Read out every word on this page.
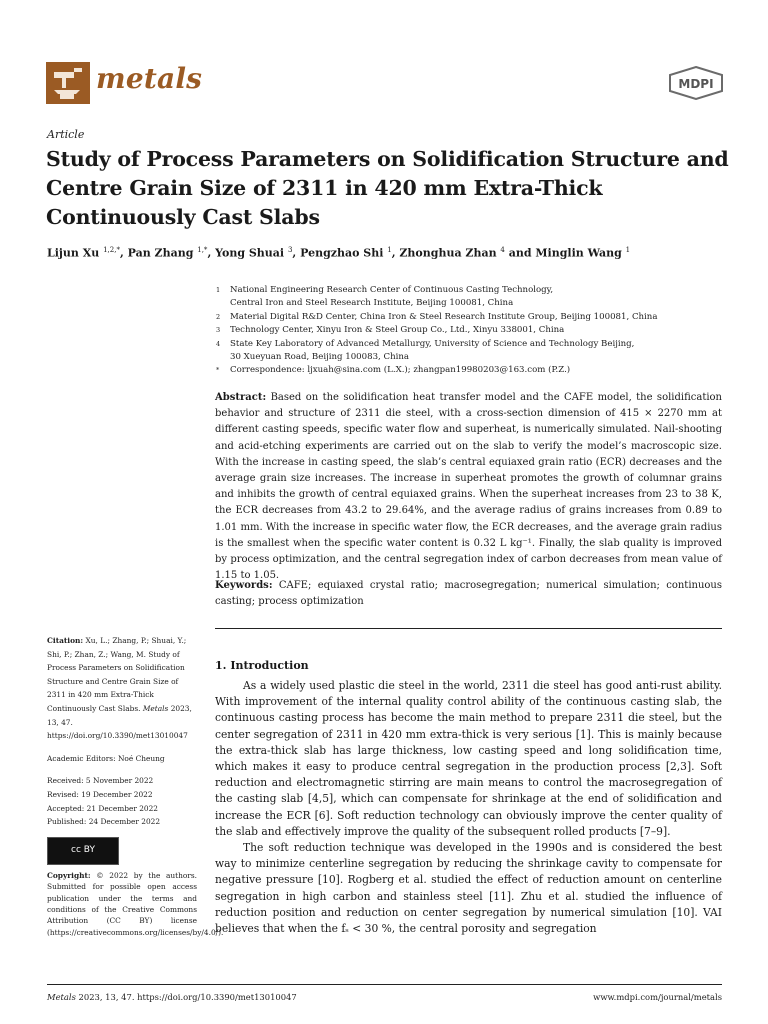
metals	MDPI
Article
Study of Process Parameters on Solidification Structure and Centre Grain Size of 2311 in 420 mm Extra-Thick Continuously Cast Slabs
Lijun Xu $^{1,2,*}$, Pan Zhang $^{1,*}$, Yong Shuai $^3$, Pengzhao Shi $^1$, Zhonghua Zhan $^4$ and Minglin Wang $^1$
1	National Engineering Research Center of Continuous Casting Technology,
Central Iron and Steel Research Institute, Beijing 100081, China
2	Material Digital R&D Center, China Iron & Steel Research Institute Group, Beijing 100081, China
3	Technology Center, Xinyu Iron & Steel Group Co., Ltd., Xinyu 338001, China
4	State Key Laboratory of Advanced Metallurgy, University of Science and Technology Beijing,
30 Xueyuan Road, Beijing 100083, China
*	Correspondence: ljxuah@sina.com (L.X.); zhangpan19980203@163.com (P.Z.)
Abstract: Based on the solidification heat transfer model and the CAFE model, the solidification behavior and structure of 2311 die steel, with a cross-section dimension of 415 × 2270 mm at different casting speeds, specific water flow and superheat, is numerically simulated. Nail-shooting and acid-etching experiments are carried out on the slab to verify the model’s macroscopic size. With the increase in casting speed, the slab’s central equiaxed grain ratio (ECR) decreases and the average grain size increases. The increase in superheat promotes the growth of columnar grains and inhibits the growth of central equiaxed grains. When the superheat increases from 23 to 38 K, the ECR decreases from 43.2 to 29.64%, and the average radius of grains increases from 0.89 to 1.01 mm. With the increase in specific water flow, the ECR decreases, and the average grain radius is the smallest when the specific water content is 0.32 L kg⁻¹. Finally, the slab quality is improved by process optimization, and the central segregation index of carbon decreases from mean value of 1.15 to 1.05.
Keywords: CAFE; equiaxed crystal ratio; macrosegregation; numerical simulation; continuous casting; process optimization
Citation: Xu, L.; Zhang, P.; Shuai, Y.; Shi, P.; Zhan, Z.; Wang, M. Study of Process Parameters on Solidification Structure and Centre Grain Size of 2311 in 420 mm Extra-Thick Continuously Cast Slabs. Metals 2023, 13, 47. https://doi.org/10.3390/met13010047
Academic Editors: Noé Cheung
Received: 5 November 2022
Revised: 19 December 2022
Accepted: 21 December 2022
Published: 24 December 2022
cc BY
Copyright: © 2022 by the authors. Submitted for possible open access publication under the terms and conditions of the Creative Commons Attribution (CC BY) license (https://creativecommons.org/licenses/by/4.0/).
1. Introduction

As a widely used plastic die steel in the world, 2311 die steel has good anti-rust ability. With improvement of the internal quality control ability of the continuous casting slab, the continuous casting process has become the main method to prepare 2311 die steel, but the center segregation of 2311 in 420 mm extra-thick is very serious [1]. This is mainly because the extra-thick slab has large thickness, low casting speed and long solidification time, which makes it easy to produce central segregation in the production process [2,3]. Soft reduction and electromagnetic stirring are main means to control the macrosegregation of the casting slab [4,5], which can compensate for shrinkage at the end of solidification and increase the ECR [6]. Soft reduction technology can obviously improve the center quality of the slab and effectively improve the quality of the subsequent rolled products [7–9].

The soft reduction technique was developed in the 1990s and is considered the best way to minimize centerline segregation by reducing the shrinkage cavity to compensate for negative pressure [10]. Rogberg et al. studied the effect of reduction amount on centerline segregation in high carbon and stainless steel [11]. Zhu et al. studied the influence of reduction position and reduction on center segregation by numerical simulation [10]. VAI believes that when the fₛ < 30 %, the central porosity and segregation

Metals 2023, 13, 47. https://doi.org/10.3390/met13010047	www.mdpi.com/journal/metals
